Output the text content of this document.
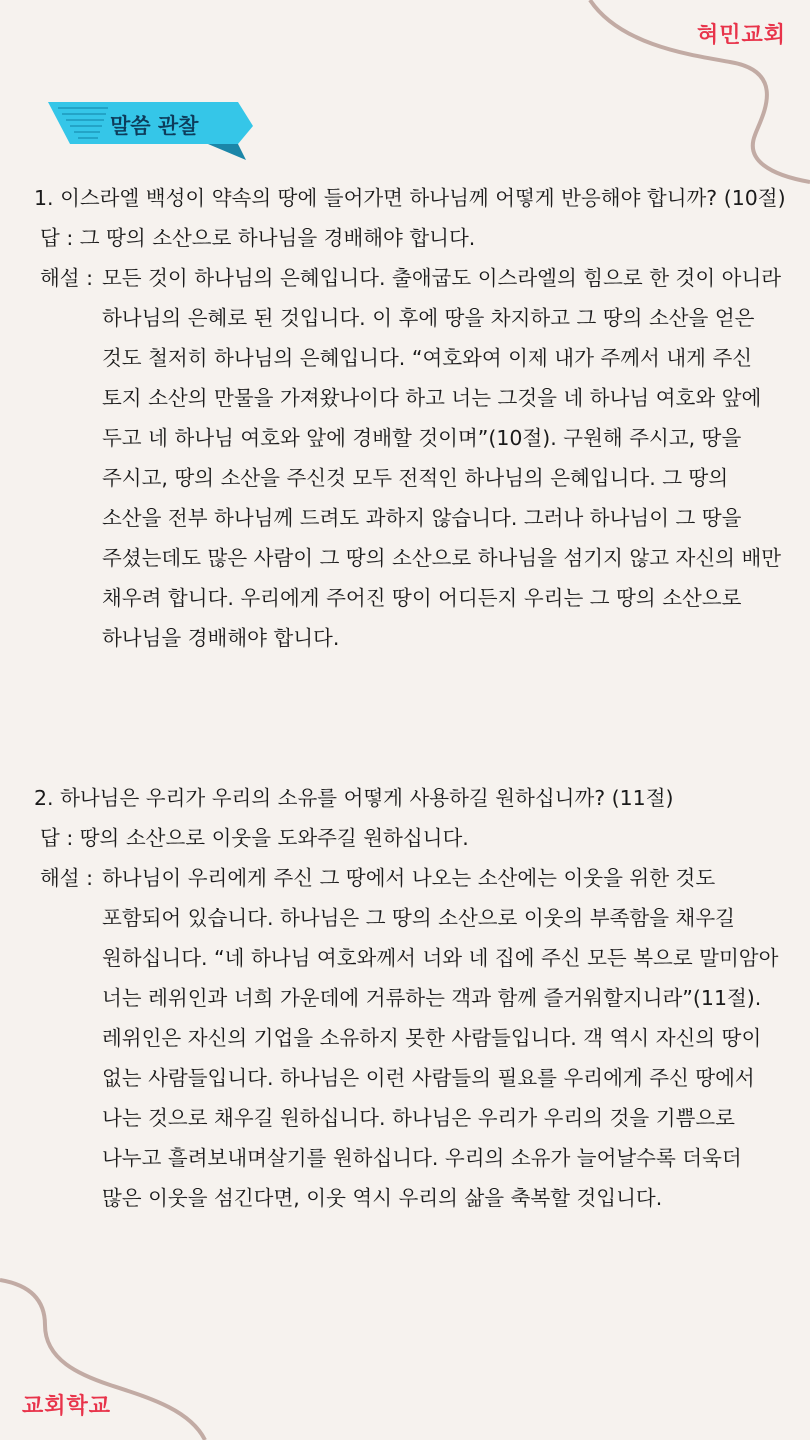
혀민교회
말씀 관찰
1. 이스라엘 백성이 약속의 땅에 들어가면 하나님께 어떻게 반응해야 합니까? (10절)
답 : 그 땅의 소산으로 하나님을 경배해야 합니다.
해설 : 모든 것이 하나님의 은혜입니다. 출애굽도 이스라엘의 힘으로 한 것이 아니라 하나님의 은혜로 된 것입니다. 이 후에 땅을 차지하고 그 땅의 소산을 얻은 것도 철저히 하나님의 은혜입니다. “여호와여 이제 내가 주께서 내게 주신 토지 소산의 만물을 가져왔나이다 하고 너는 그것을 네 하나님 여호와 앞에 두고 네 하나님 여호와 앞에 경배할 것이며”(10절). 구원해 주시고, 땅을 주시고, 땅의 소산을 주신것 모두 전적인 하나님의 은혜입니다. 그 땅의 소산을 전부 하나님께 드려도 과하지 않습니다. 그러나 하나님이 그 땅을 주셨는데도 많은 사람이 그 땅의 소산으로 하나님을 섬기지 않고 자신의 배만 채우려 합니다. 우리에게 주어진 땅이 어디든지 우리는 그 땅의 소산으로 하나님을 경배해야 합니다.
2. 하나님은 우리가 우리의 소유를 어떻게 사용하길 원하십니까? (11절)
답 : 땅의 소산으로 이웃을 도와주길 원하십니다.
해설 : 하나님이 우리에게 주신 그 땅에서 나오는 소산에는 이웃을 위한 것도 포함되어 있습니다. 하나님은 그 땅의 소산으로 이웃의 부족함을 채우길 원하십니다. “네 하나님 여호와께서 너와 네 집에 주신 모든 복으로 말미암아 너는 레위인과 너희 가운데에 거류하는 객과 함께 즐거워할지니라”(11절). 레위인은 자신의 기업을 소유하지 못한 사람들입니다. 객 역시 자신의 땅이 없는 사람들입니다. 하나님은 이런 사람들의 필요를 우리에게 주신 땅에서 나는 것으로 채우길 원하십니다. 하나님은 우리가 우리의 것을 기쁨으로 나누고 흘려보내며살기를 원하십니다. 우리의 소유가 늘어날수록 더욱더 많은 이웃을 섬긴다면, 이웃 역시 우리의 삶을 축복할 것입니다.
교회학교
